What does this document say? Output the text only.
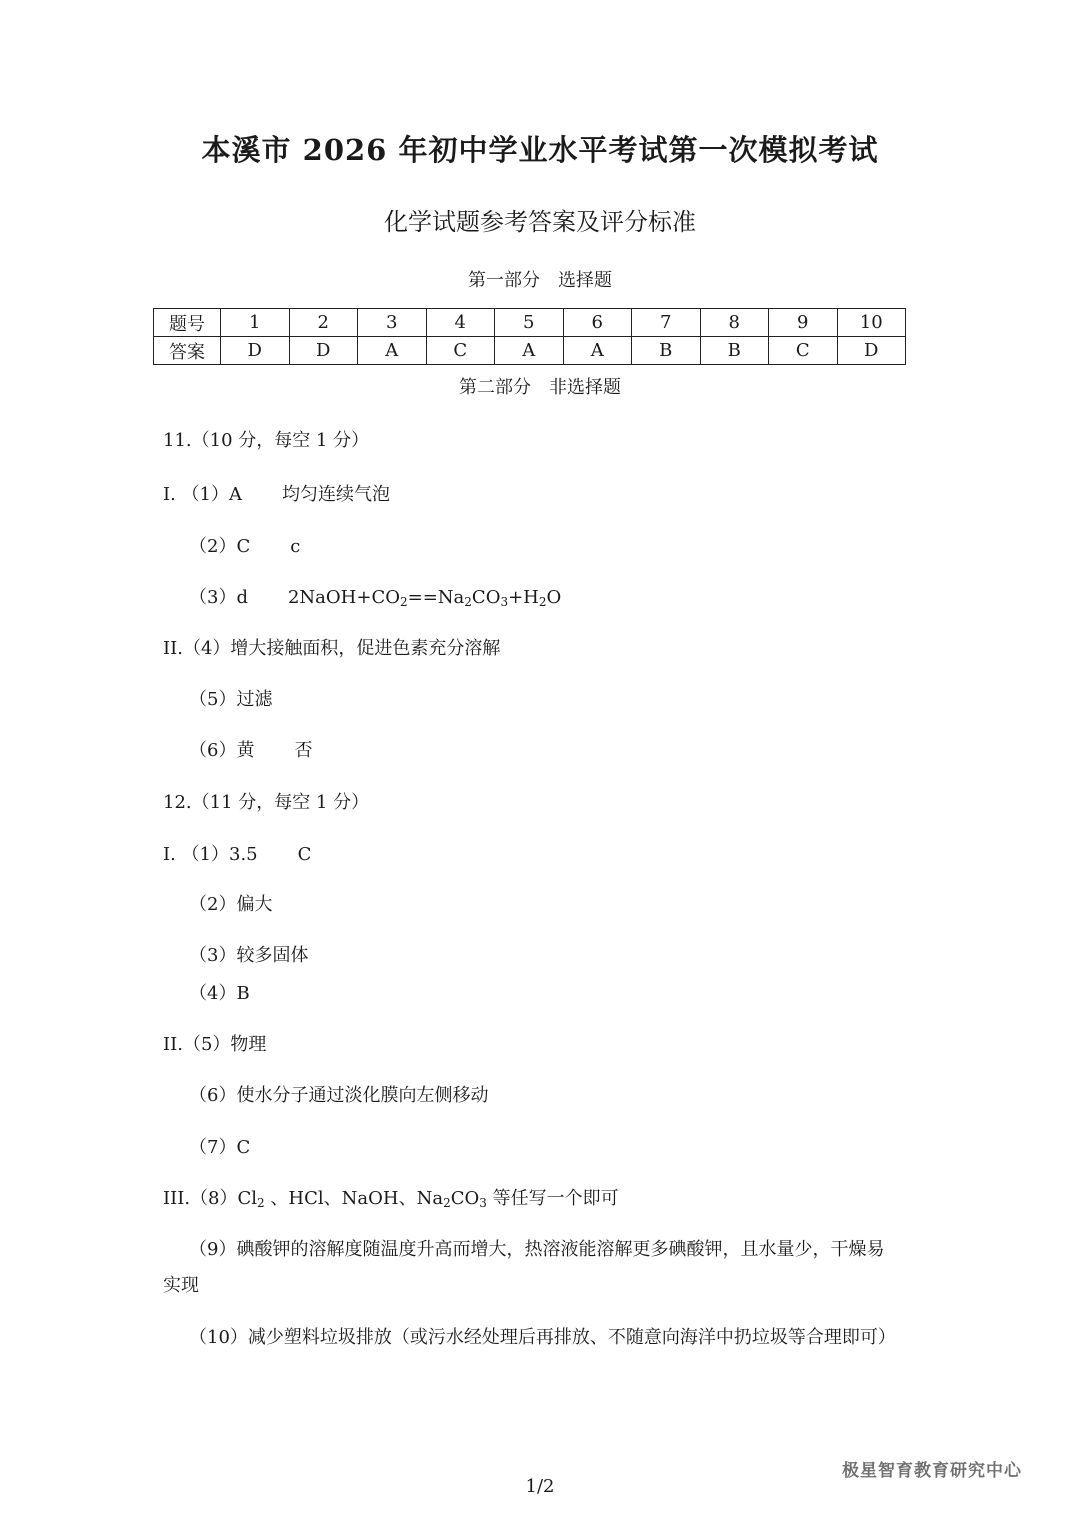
本溪市 2026 年初中学业水平考试第一次模拟考试
化学试题参考答案及评分标准
第一部分　选择题
题号	1	2	3	4	5	6	7	8	9	10
答案	D	D	A	C	A	A	B	B	C	D
第二部分　非选择题
11.（10 分，每空 1 分）
I. （1）A 均匀连续气泡
（2）C c
（3）d $2NaOH+CO_2==Na_2CO_3+H_2O$
II.（4）增大接触面积，促进色素充分溶解
（5）过滤
（6）黄 否
12.（11 分，每空 1 分）
I. （1）3.5 C
（2）偏大
（3）较多固体
（4）B
II.（5）物理
（6）使水分子通过淡化膜向左侧移动
（7）C
$III.(8)Cl_2$ 、HCl、NaOH、$Na_2CO_3$ 等任写一个即可
（9）碘酸钾的溶解度随温度升高而增大，热溶液能溶解更多碘酸钾，且水量少，干燥易
实现
（10）减少塑料垃圾排放（或污水经处理后再排放、不随意向海洋中扔垃圾等合理即可）
极星智育教育研究中心
1/2
